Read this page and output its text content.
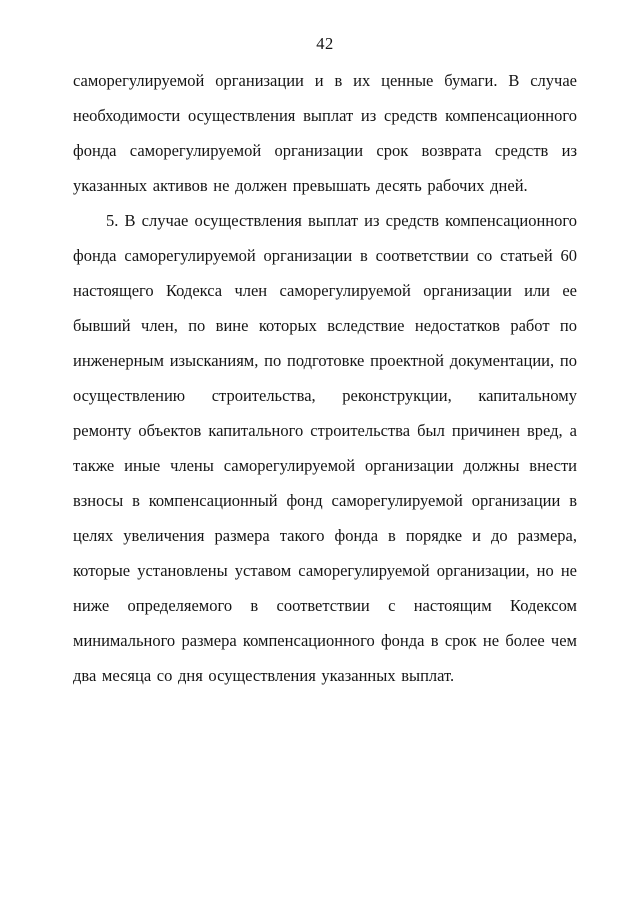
42

саморегулируемой организации и в их ценные бумаги. В случае необходимости осуществления выплат из средств компенсационного фонда саморегулируемой организации срок возврата средств из указанных активов не должен превышать десять рабочих дней.

5. В случае осуществления выплат из средств компенсационного фонда саморегулируемой организации в соответствии со статьей 60 настоящего Кодекса член саморегулируемой организации или ее бывший член, по вине которых вследствие недостатков работ по инженерным изысканиям, по подготовке проектной документации, по осуществлению строительства, реконструкции, капитальному ремонту объектов капитального строительства был причинен вред, а также иные члены саморегулируемой организации должны внести взносы в компенсационный фонд саморегулируемой организации в целях увеличения размера такого фонда в порядке и до размера, которые установлены уставом саморегулируемой организации, но не ниже определяемого в соответствии с настоящим Кодексом минимального размера компенсационного фонда в срок не более чем два месяца со дня осуществления указанных выплат.
